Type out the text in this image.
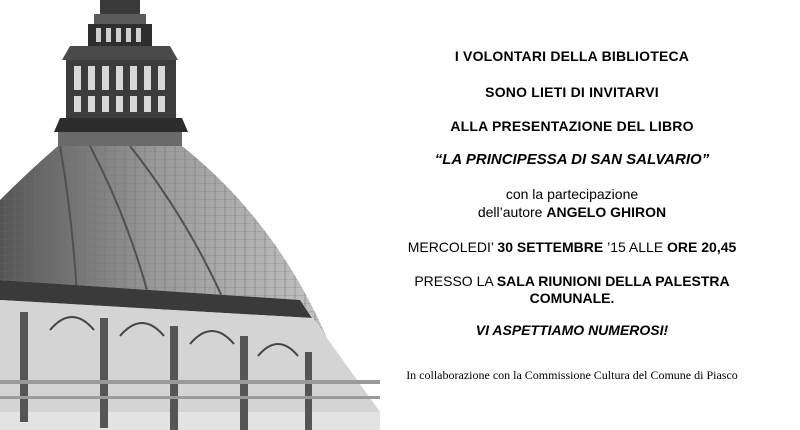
I VOLONTARI DELLA BIBLIOTECA
SONO LIETI DI INVITARVI
ALLA PRESENTAZIONE DEL LIBRO
“LA PRINCIPESSA DI SAN SALVARIO”
con la partecipazione
dell’autore ANGELO GHIRON
MERCOLEDI’ 30 SETTEMBRE ’15 ALLE ORE 20,45
PRESSO LA SALA RIUNIONI DELLA PALESTRA
COMUNALE.
VI ASPETTIAMO NUMEROSI!
In collaborazione con la Commissione Cultura del Comune di Piasco
